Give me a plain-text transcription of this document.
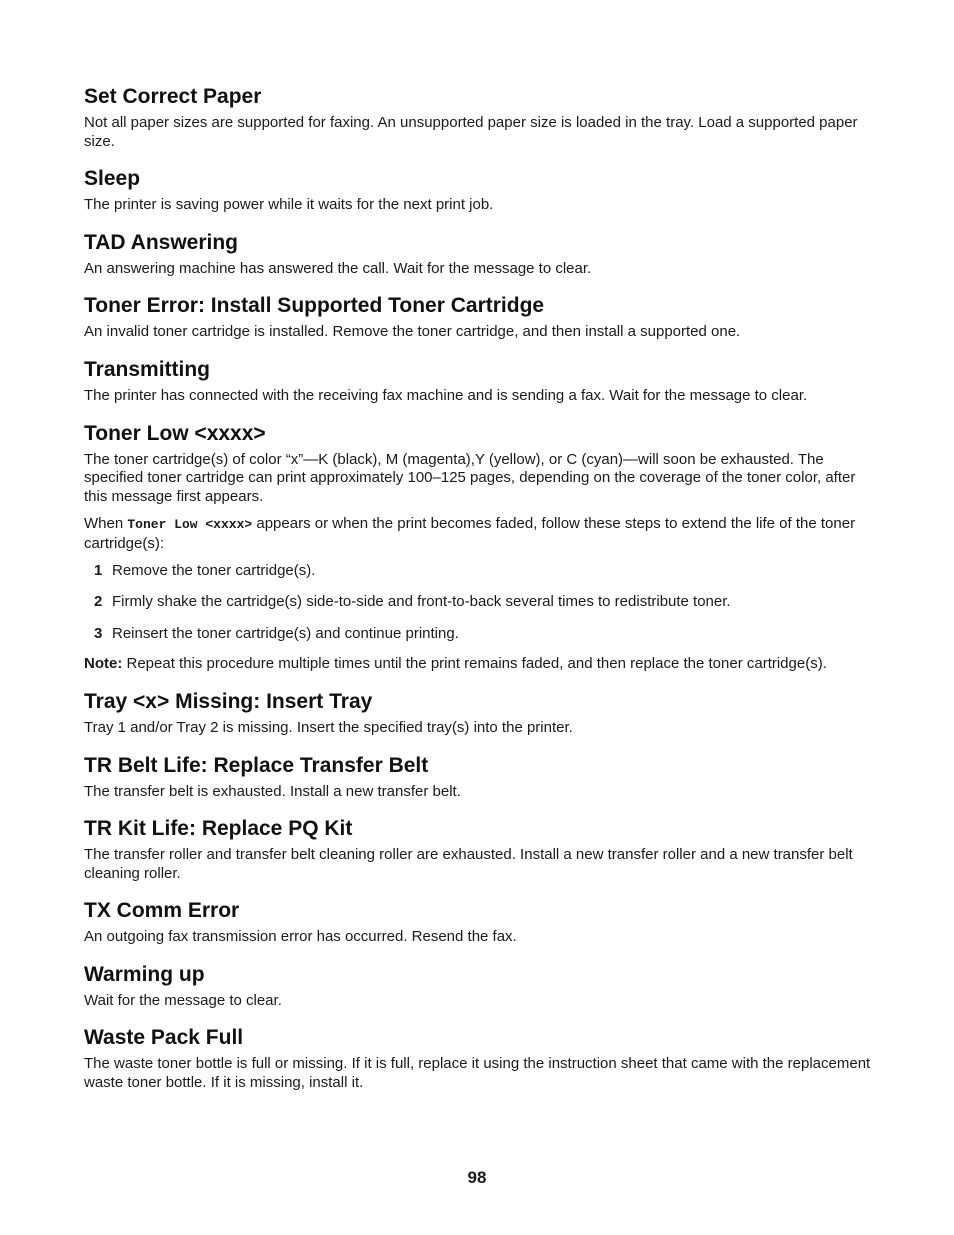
Set Correct Paper

Not all paper sizes are supported for faxing. An unsupported paper size is loaded in the tray. Load a supported paper size.

Sleep

The printer is saving power while it waits for the next print job.

TAD Answering

An answering machine has answered the call. Wait for the message to clear.

Toner Error: Install Supported Toner Cartridge

An invalid toner cartridge is installed. Remove the toner cartridge, and then install a supported one.

Transmitting

The printer has connected with the receiving fax machine and is sending a fax. Wait for the message to clear.

Toner Low <xxxx>

The toner cartridge(s) of color “x”—K (black), M (magenta),Y (yellow), or C (cyan)—will soon be exhausted. The specified toner cartridge can print approximately 100–125 pages, depending on the coverage of the toner color, after this message first appears.

When Toner Low <xxxx> appears or when the print becomes faded, follow these steps to extend the life of the toner cartridge(s):

1 Remove the toner cartridge(s).
2 Firmly shake the cartridge(s) side-to-side and front-to-back several times to redistribute toner.
3 Reinsert the toner cartridge(s) and continue printing.

Note: Repeat this procedure multiple times until the print remains faded, and then replace the toner cartridge(s).

Tray <x> Missing: Insert Tray

Tray 1 and/or Tray 2 is missing. Insert the specified tray(s) into the printer.

TR Belt Life: Replace Transfer Belt

The transfer belt is exhausted. Install a new transfer belt.

TR Kit Life: Replace PQ Kit

The transfer roller and transfer belt cleaning roller are exhausted. Install a new transfer roller and a new transfer belt cleaning roller.

TX Comm Error

An outgoing fax transmission error has occurred. Resend the fax.

Warming up

Wait for the message to clear.

Waste Pack Full

The waste toner bottle is full or missing. If it is full, replace it using the instruction sheet that came with the replacement waste toner bottle. If it is missing, install it.

98
